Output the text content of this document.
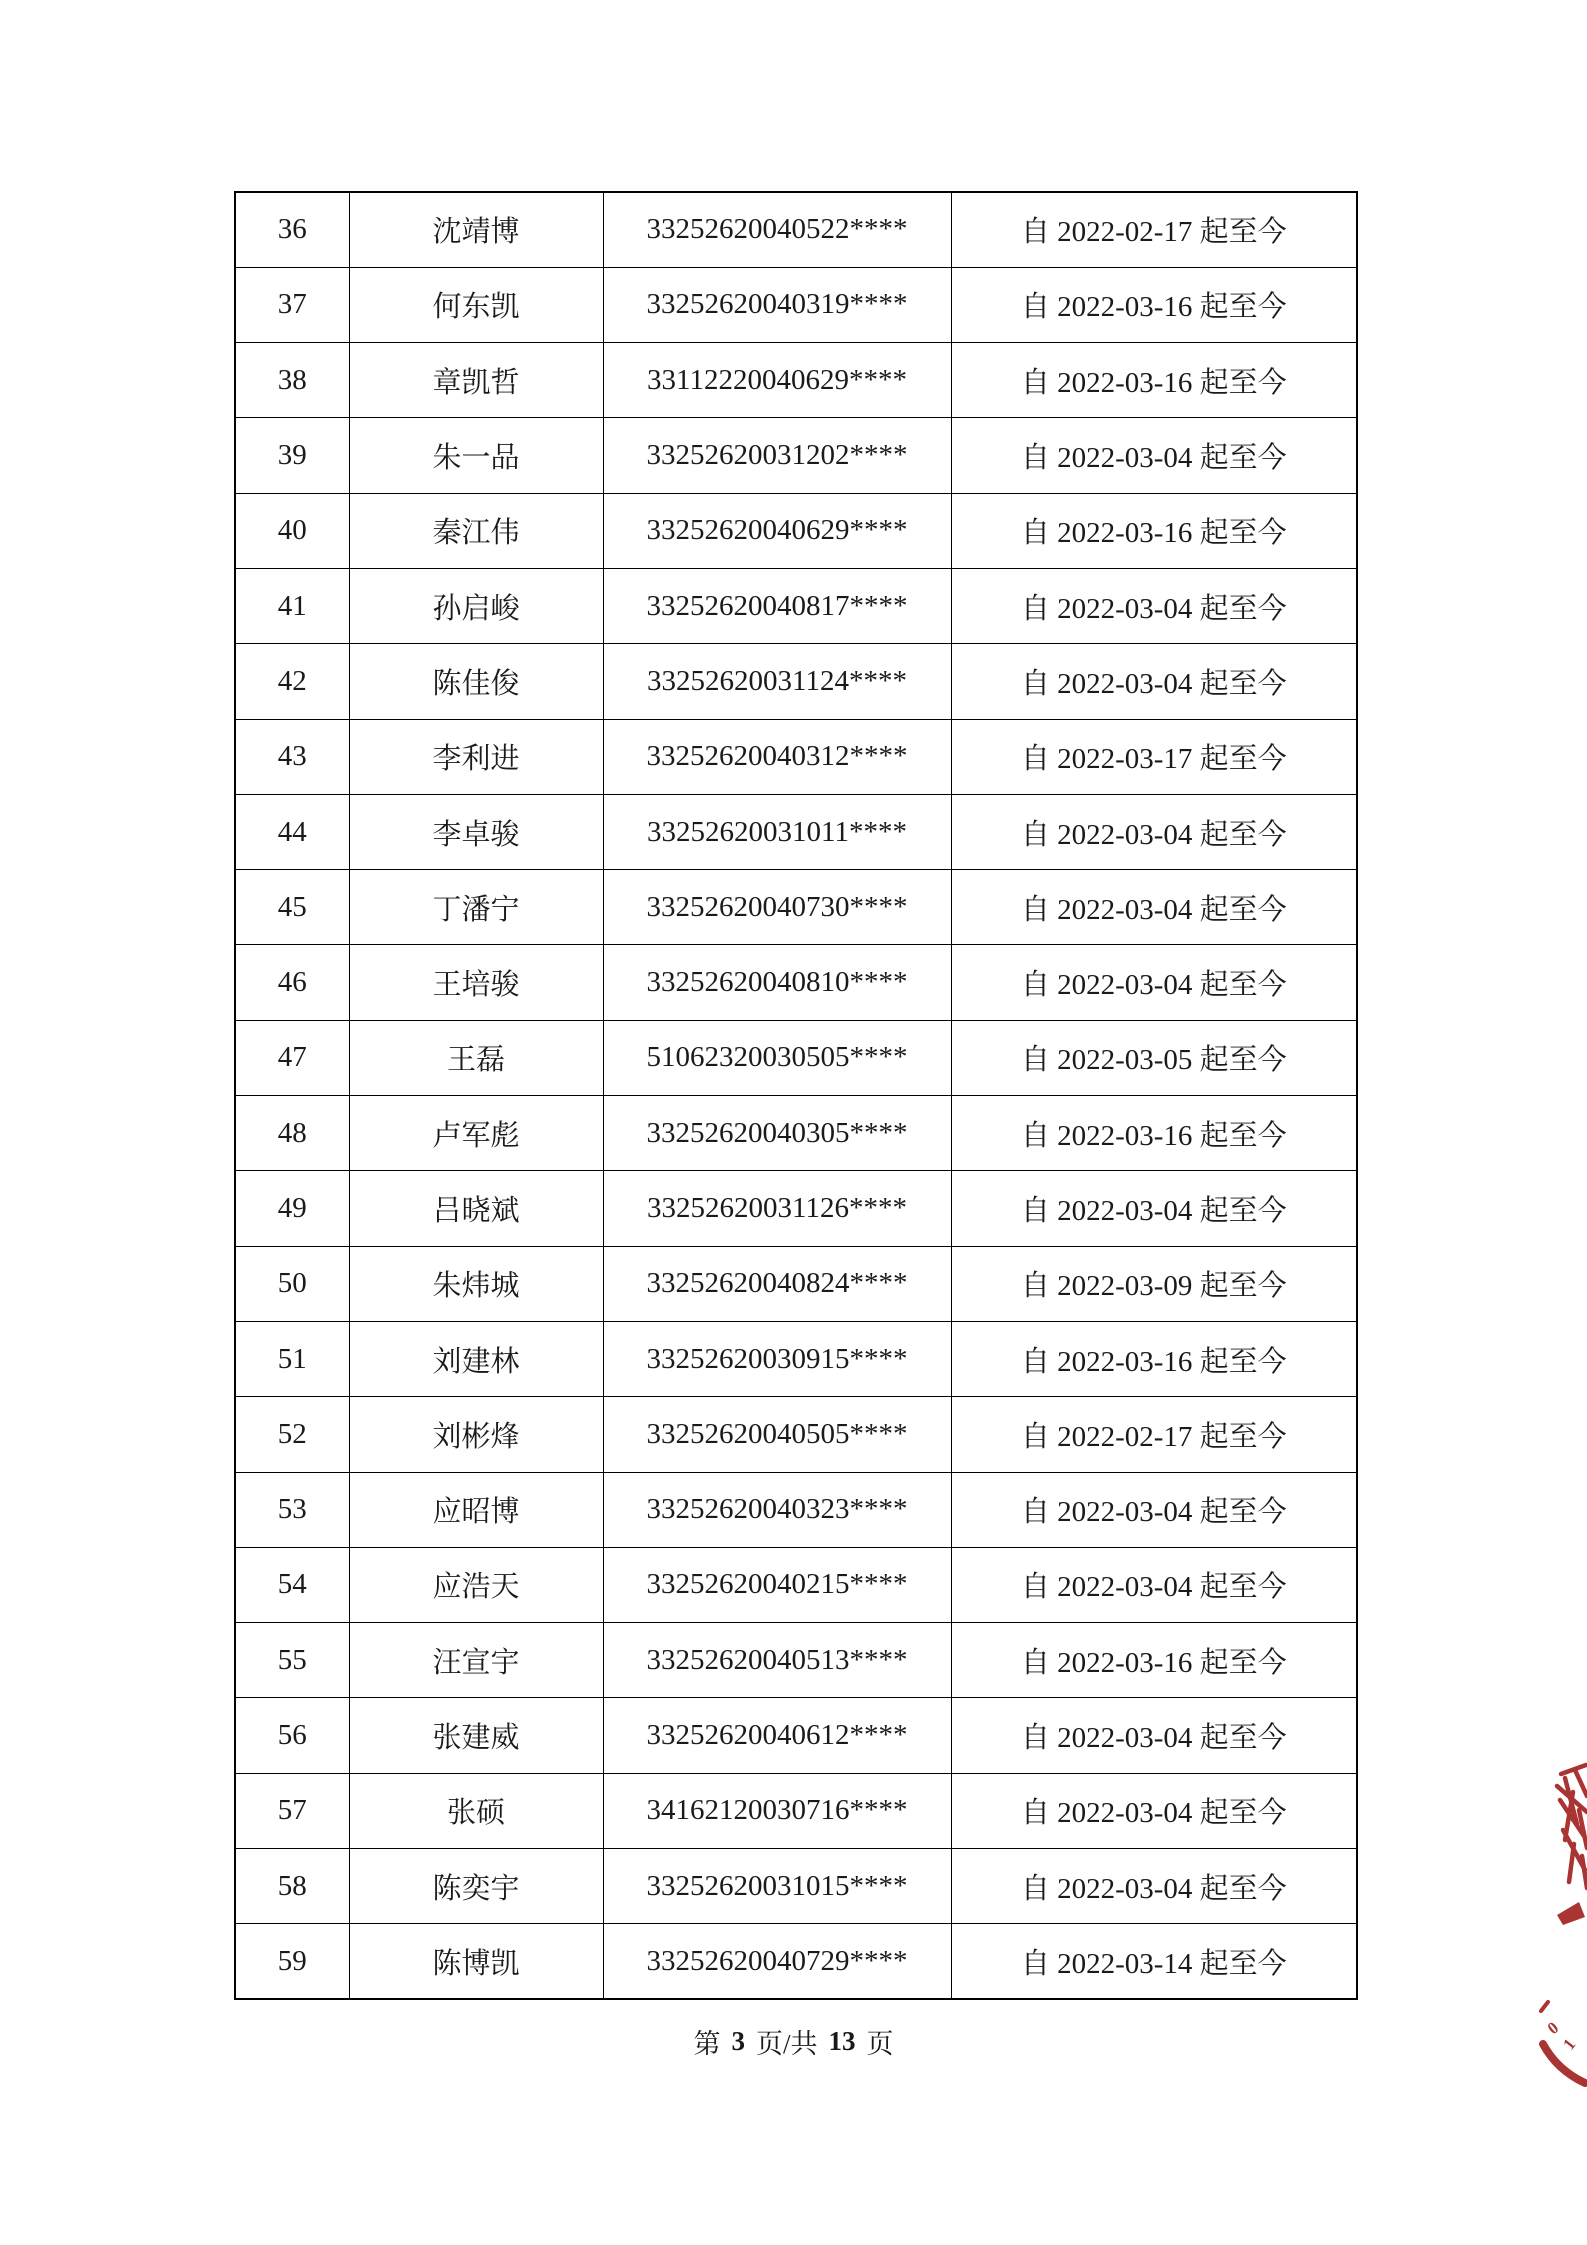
36	沈靖博	33252620040522****	自 2022-02-17 起至今
37	何东凯	33252620040319****	自 2022-03-16 起至今
38	章凯哲	33112220040629****	自 2022-03-16 起至今
39	朱一品	33252620031202****	自 2022-03-04 起至今
40	秦江伟	33252620040629****	自 2022-03-16 起至今
41	孙启峻	33252620040817****	自 2022-03-04 起至今
42	陈佳俊	33252620031124****	自 2022-03-04 起至今
43	李利进	33252620040312****	自 2022-03-17 起至今
44	李卓骏	33252620031011****	自 2022-03-04 起至今
45	丁潘宁	33252620040730****	自 2022-03-04 起至今
46	王培骏	33252620040810****	自 2022-03-04 起至今
47	王磊	51062320030505****	自 2022-03-05 起至今
48	卢军彪	33252620040305****	自 2022-03-16 起至今
49	吕晓斌	33252620031126****	自 2022-03-04 起至今
50	朱炜城	33252620040824****	自 2022-03-09 起至今
51	刘建林	33252620030915****	自 2022-03-16 起至今
52	刘彬烽	33252620040505****	自 2022-02-17 起至今
53	应昭博	33252620040323****	自 2022-03-04 起至今
54	应浩天	33252620040215****	自 2022-03-04 起至今
55	汪宣宇	33252620040513****	自 2022-03-16 起至今
56	张建威	33252620040612****	自 2022-03-04 起至今
57	张硕	34162120030716****	自 2022-03-04 起至今
58	陈奕宇	33252620031015****	自 2022-03-04 起至今
59	陈博凯	33252620040729****	自 2022-03-14 起至今
第 3 页/共 13 页
0
1
